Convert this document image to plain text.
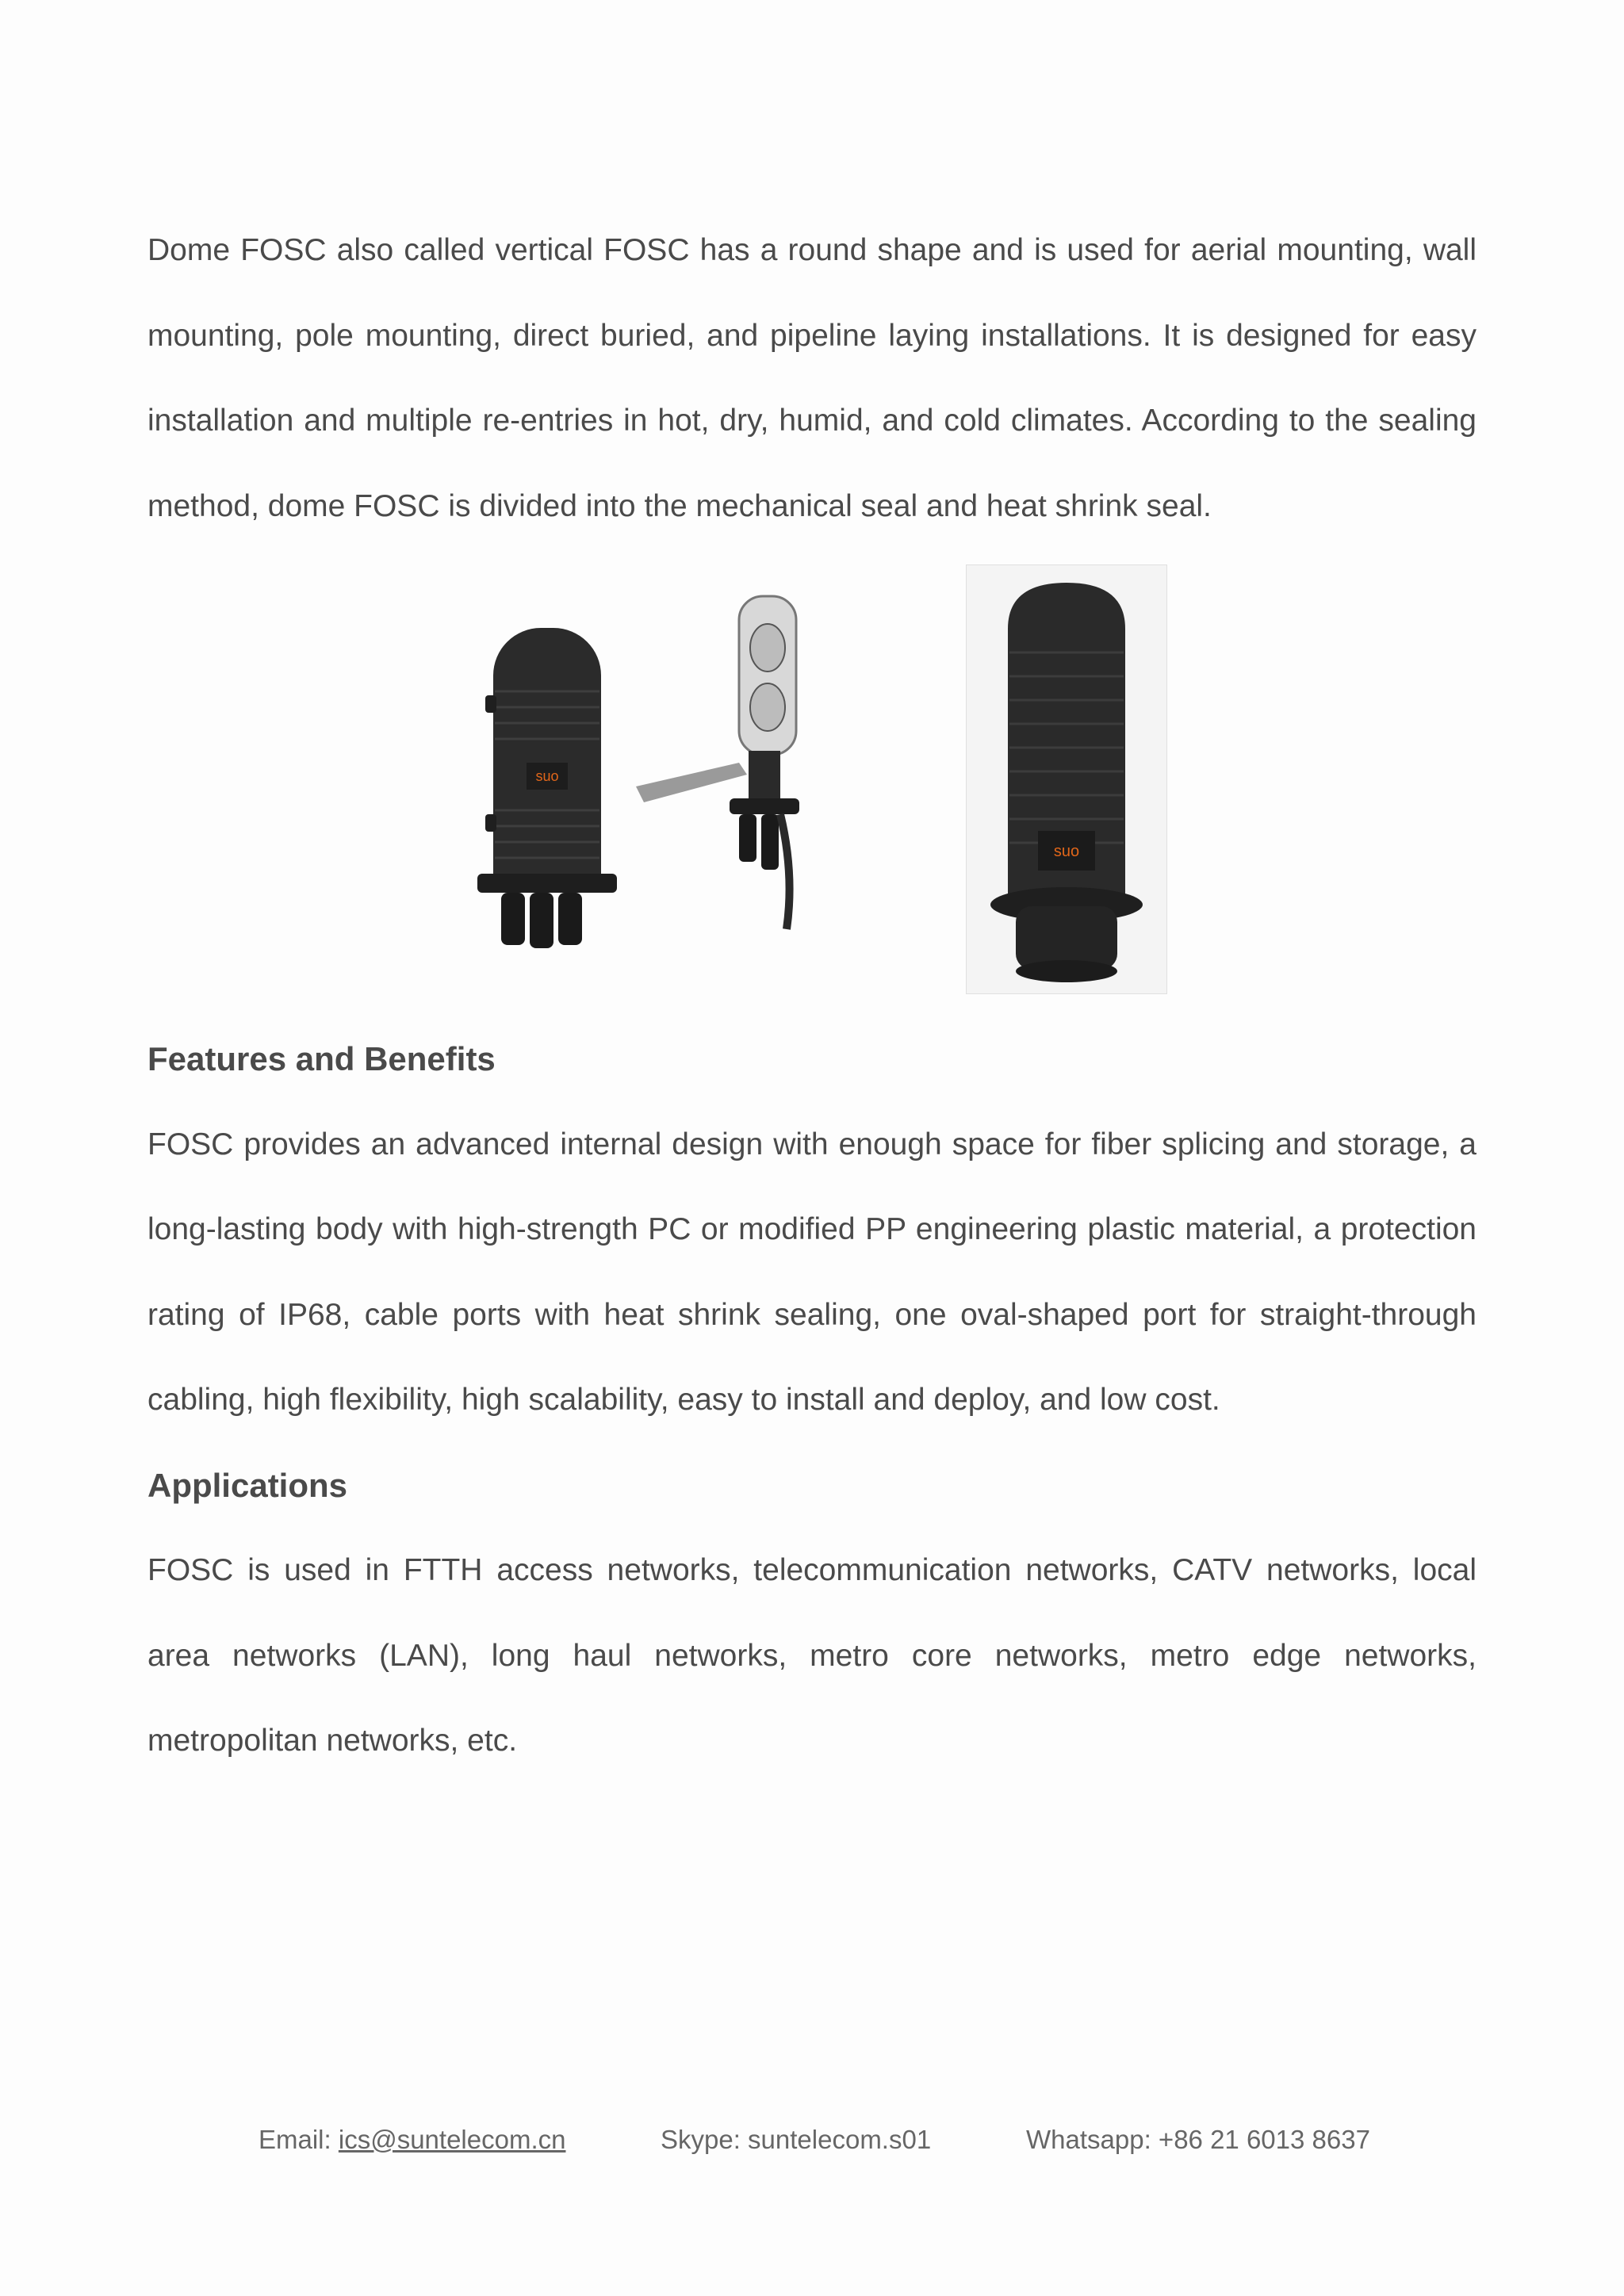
Dome FOSC also called vertical FOSC has a round shape and is used for aerial mounting, wall mounting, pole mounting, direct buried, and pipeline laying installations. It is designed for easy installation and multiple re-entries in hot, dry, humid, and cold climates. According to the sealing method, dome FOSC is divided into the mechanical seal and heat shrink seal.

suo
suo

Features and Benefits

FOSC provides an advanced internal design with enough space for fiber splicing and storage, a long-lasting body with high-strength PC or modified PP engineering plastic material, a protection rating of IP68, cable ports with heat shrink sealing, one oval-shaped port for straight-through cabling, high flexibility, high scalability, easy to install and deploy, and low cost.

Applications

FOSC is used in FTTH access networks, telecommunication networks, CATV networks, local area networks (LAN), long haul networks, metro core networks, metro edge networks, metropolitan networks, etc.

Email: ics@suntelecom.cn	Skype: suntelecom.s01	Whatsapp: +86 21 6013 8637
